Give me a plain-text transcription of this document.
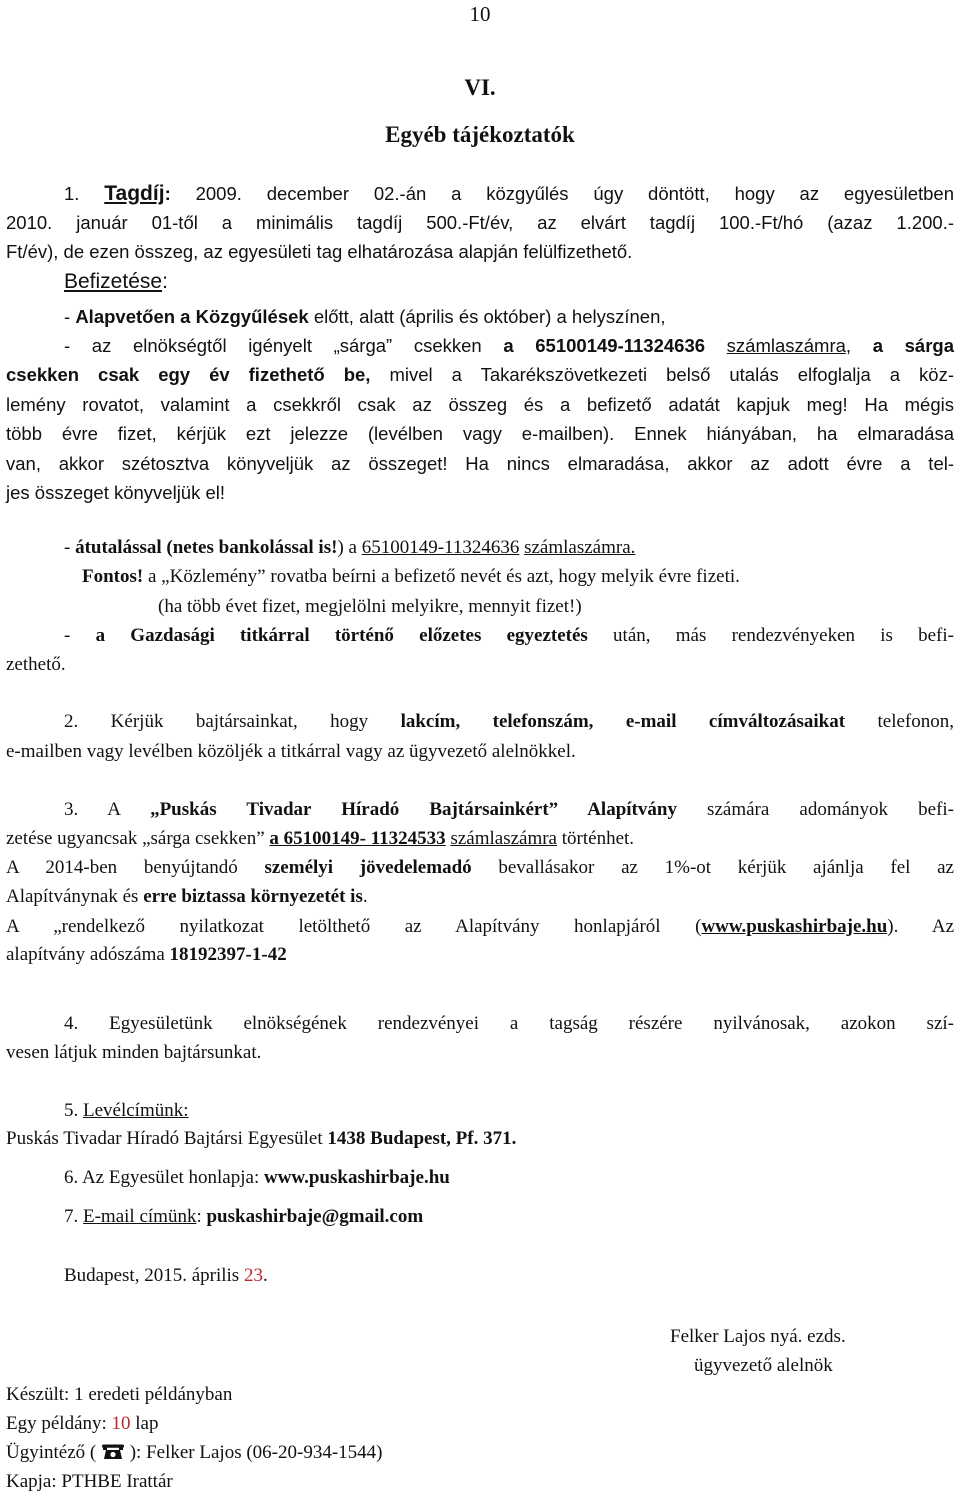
10
VI.
Egyéb tájékoztatók
1. Tagdíj: 2009. december 02.-án a közgyűlés úgy döntött, hogy az egyesületben
2010. január 01-től a minimális tagdíj 500.-Ft/év, az elvárt tagdíj 100.-Ft/hó (azaz 1.200.-
Ft/év), de ezen összeg, az egyesületi tag elhatározása alapján felülfizethető.
Befizetése:
- Alapvetően a Közgyűlések előtt, alatt (április és október) a helyszínen,
- az elnökségtől igényelt „sárga” csekken a 65100149-11324636 számlaszámra, a sárga
csekken csak egy év fizethető be, mivel a Takarékszövetkezeti belső utalás elfoglalja a köz-
lemény rovatot, valamint a csekkről csak az összeg és a befizető adatát kapjuk meg! Ha mégis
több évre fizet, kérjük ezt jelezze (levélben vagy e-mailben). Ennek hiányában, ha elmaradása
van, akkor szétosztva könyveljük az összeget! Ha nincs elmaradása, akkor az adott évre a tel-
jes összeget könyveljük el!
- átutalással (netes bankolással is!) a 65100149-11324636 számlaszámra.
Fontos! a „Közlemény” rovatba beírni a befizető nevét és azt, hogy melyik évre fizeti.
(ha több évet fizet, megjelölni melyikre, mennyit fizet!)
- a Gazdasági titkárral történő előzetes egyeztetés után, más rendezvényeken is befi-
zethető.
2. Kérjük bajtársainkat, hogy lakcím, telefonszám, e-mail címváltozásaikat telefonon,
e-mailben vagy levélben közöljék a titkárral vagy az ügyvezető alelnökkel.
3. A „Puskás Tivadar Híradó Bajtársainkért” Alapítvány számára adományok befi-
zetése ugyancsak „sárga csekken” a 65100149- 11324533 számlaszámra történhet.
A 2014-ben benyújtandó személyi jövedelemadó bevallásakor az 1%-ot kérjük ajánlja fel az
Alapítványnak és erre biztassa környezetét is.
A „rendelkező nyilatkozat letölthető az Alapítvány honlapjáról (www.puskashirbaje.hu). Az
alapítvány adószáma 18192397-1-42
4. Egyesületünk elnökségének rendezvényei a tagság részére nyilvánosak, azokon szí-
vesen látjuk minden bajtársunkat.
5. Levélcímünk:
Puskás Tivadar Híradó Bajtársi Egyesület 1438 Budapest, Pf. 371.
6. Az Egyesület honlapja: www.puskashirbaje.hu
7. E-mail címünk: puskashirbaje@gmail.com
Budapest, 2015. április 23.
Felker Lajos nyá. ezds.
ügyvezető alelnök
Készült: 1 eredeti példányban
Egy példány: 10 lap
Ügyintéző ( ): Felker Lajos (06-20-934-1544)
Kapja: PTHBE Irattár
